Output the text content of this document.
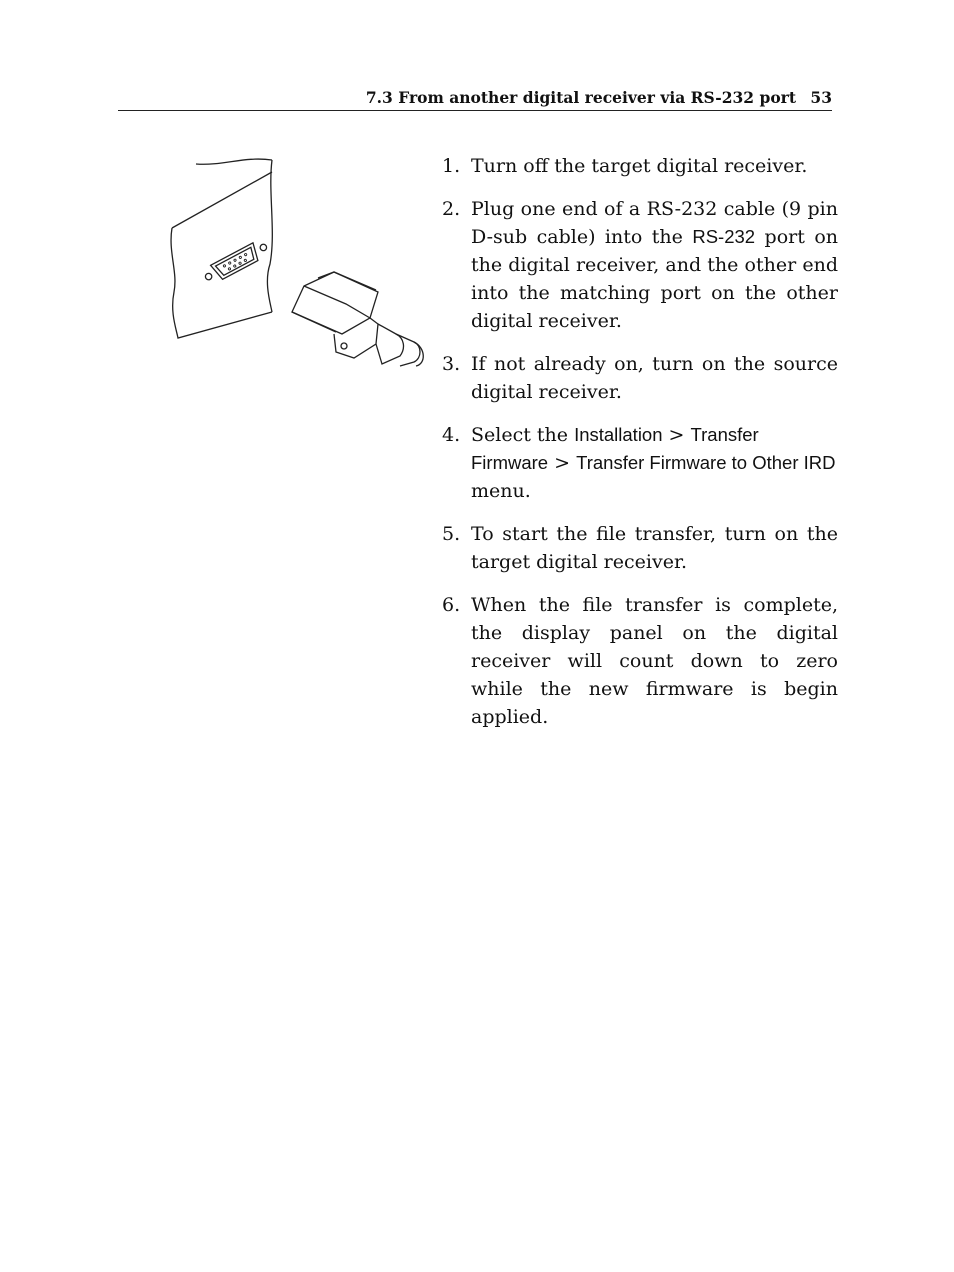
7.3 From another digital receiver via RS-232 port 53
1. Turn off the target digital receiver.
2. Plug one end of a RS-232 cable (9 pin D-sub cable) into the RS-232 port on the digital receiver, and the other end into the matching port on the other digital receiver.
3. If not already on, turn on the source digital receiver.
4. Select the Installation > Transfer Firmware > Transfer Firmware to Other IRD menu.
5. To start the file transfer, turn on the target digital receiver.
6. When the file transfer is complete, the display panel on the digital receiver will count down to zero while the new firmware is begin applied.
